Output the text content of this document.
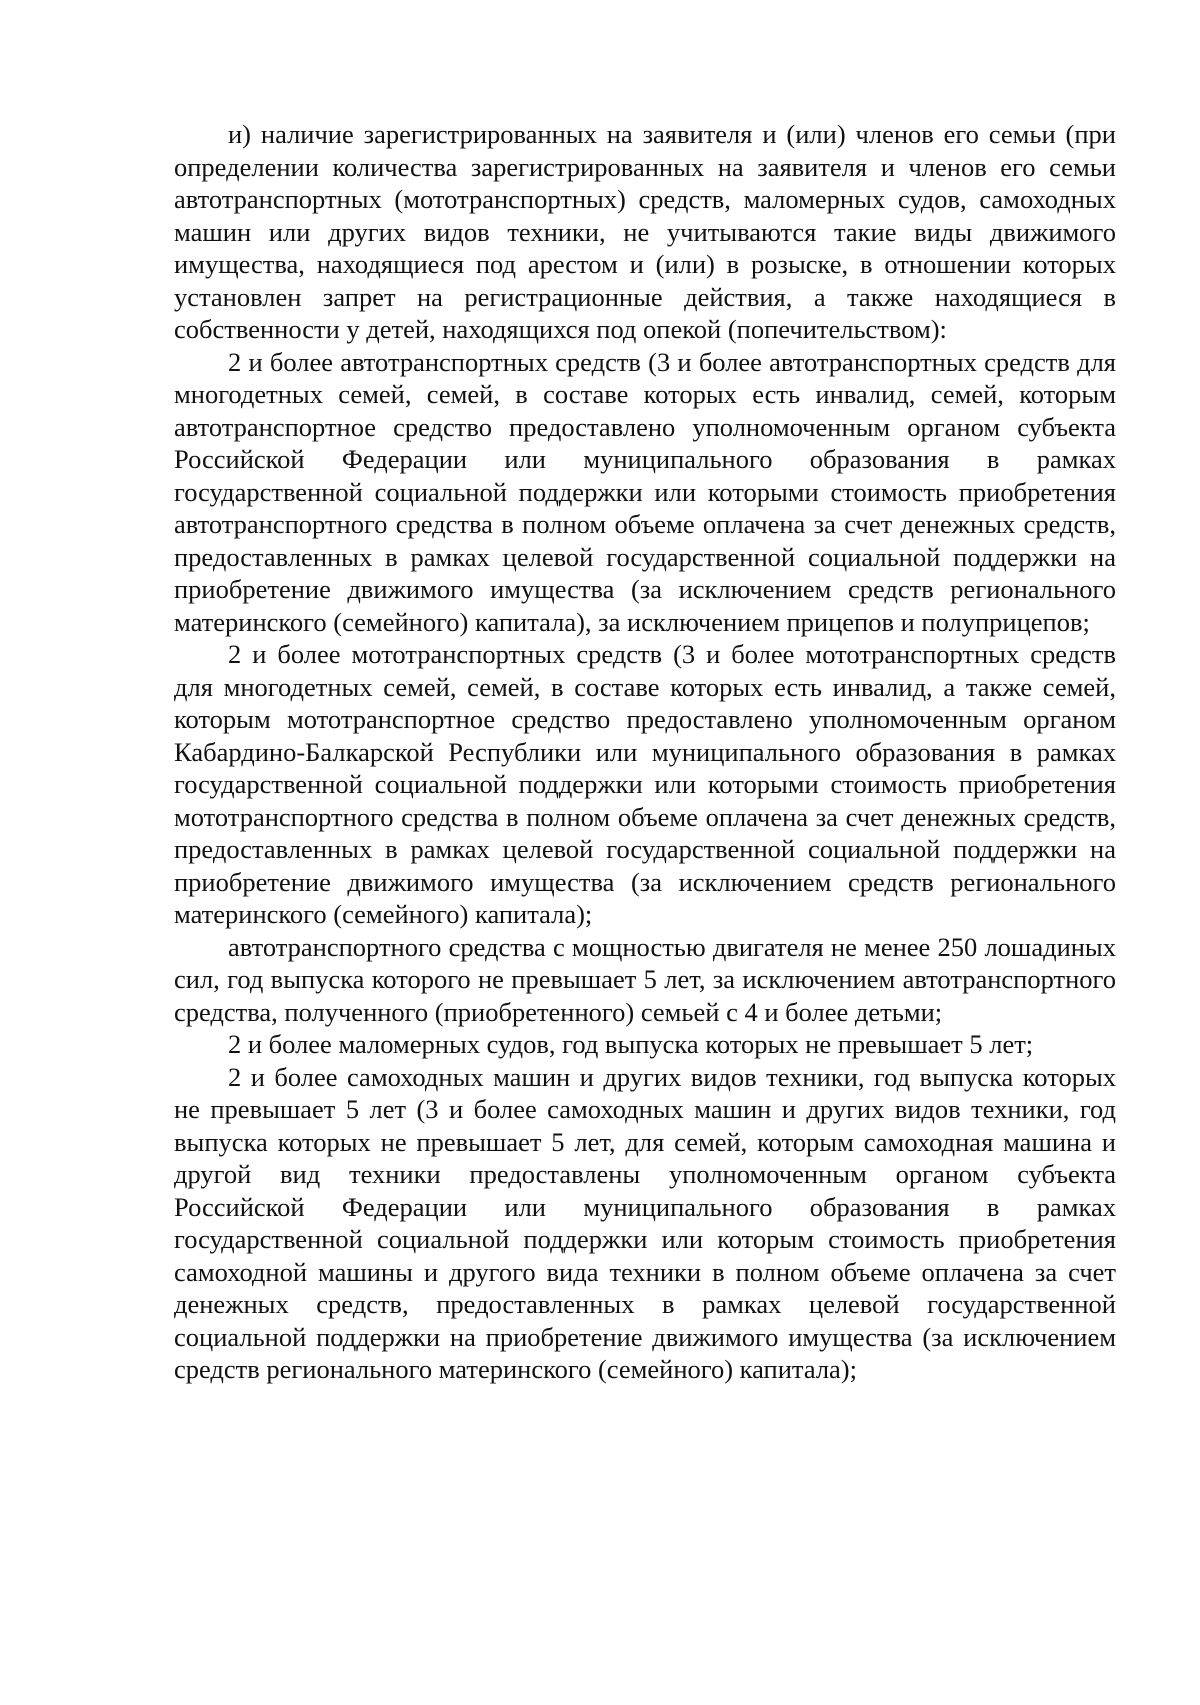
и) наличие зарегистрированных на заявителя и (или) членов его семьи (при определении количества зарегистрированных на заявителя и членов его семьи автотранспортных (мототранспортных) средств, маломерных судов, самоходных машин или других видов техники, не учитываются такие виды движимого имущества, находящиеся под арестом и (или) в розыске, в отношении которых установлен запрет на регистрационные действия, а также находящиеся в собственности у детей, находящихся под опекой (попечительством):

2 и более автотранспортных средств (3 и более автотранспортных средств для многодетных семей, семей, в составе которых есть инвалид, семей, которым автотранспортное средство предоставлено уполномоченным органом субъекта Российской Федерации или муниципального образования в рамках государственной социальной поддержки или которыми стоимость приобретения автотранспортного средства в полном объеме оплачена за счет денежных средств, предоставленных в рамках целевой государственной социальной поддержки на приобретение движимого имущества (за исключением средств регионального материнского (семейного) капитала), за исключением прицепов и полуприцепов;

2 и более мототранспортных средств (3 и более мототранспортных средств для многодетных семей, семей, в составе которых есть инвалид, а также семей, которым мототранспортное средство предоставлено уполномоченным органом Кабардино-Балкарской Республики или муниципального образования в рамках государственной социальной поддержки или которыми стоимость приобретения мототранспортного средства в полном объеме оплачена за счет денежных средств, предоставленных в рамках целевой государственной социальной поддержки на приобретение движимого имущества (за исключением средств регионального материнского (семейного) капитала);

автотранспортного средства с мощностью двигателя не менее 250 лошадиных сил, год выпуска которого не превышает 5 лет, за исключением автотранспортного средства, полученного (приобретенного) семьей с 4 и более детьми;

2 и более маломерных судов, год выпуска которых не превышает 5 лет;

2 и более самоходных машин и других видов техники, год выпуска которых не превышает 5 лет (3 и более самоходных машин и других видов техники, год выпуска которых не превышает 5 лет, для семей, которым самоходная машина и другой вид техники предоставлены уполномоченным органом субъекта Российской Федерации или муниципального образования в рамках государственной социальной поддержки или которым стоимость приобретения самоходной машины и другого вида техники в полном объеме оплачена за счет денежных средств, предоставленных в рамках целевой государственной социальной поддержки на приобретение движимого имущества (за исключением средств регионального материнского (семейного) капитала);
